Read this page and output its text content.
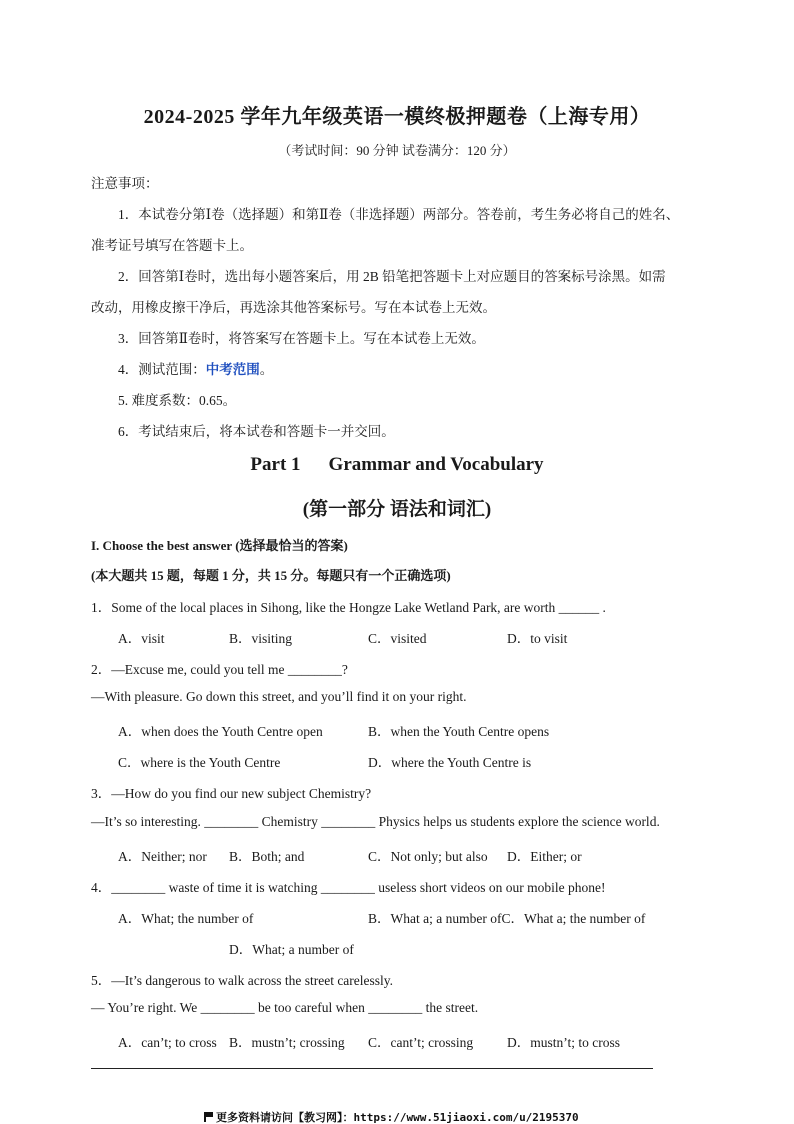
2024-2025 学年九年级英语一模终极押题卷（上海专用）
（考试时间：90 分钟 试卷满分：120 分）
注意事项：
1．本试卷分第Ⅰ卷（选择题）和第Ⅱ卷（非选择题）两部分。答卷前，考生务必将自己的姓名、
准考证号填写在答题卡上。
2．回答第Ⅰ卷时，选出每小题答案后，用 2B 铅笔把答题卡上对应题目的答案标号涂黑。如需
改动，用橡皮擦干净后，再选涂其他答案标号。写在本试卷上无效。
3．回答第Ⅱ卷时，将答案写在答题卡上。写在本试卷上无效。
4．测试范围：中考范围。
5. 难度系数：0.65。
6．考试结束后，将本试卷和答题卡一并交回。
Part 1 Grammar and Vocabulary
(第一部分 语法和词汇)
I. Choose the best answer (选择最恰当的答案)
(本大题共 15 题，每题 1 分，共 15 分。每题只有一个正确选项)
1．Some of the local places in Sihong, like the Hongze Lake Wetland Park, are worth ______ .
A．visit	B．visiting	C．visited	D．to visit
2．—Excuse me, could you tell me ________?
—With pleasure. Go down this street, and you’ll find it on your right.
A．when does the Youth Centre open	B．when the Youth Centre opens
C．where is the Youth Centre	D．where the Youth Centre is
3．—How do you find our new subject Chemistry?
—It’s so interesting. ________ Chemistry ________ Physics helps us students explore the science world.
A．Neither; nor B．Both; and	C．Not only; but also D．Either; or
4．________ waste of time it is watching ________ useless short videos on our mobile phone!
A．What; the number of	B．What a; a number ofC．What a; the number of
D．What; a number of
5．—It’s dangerous to walk across the street carelessly.
— You’re right. We ________ be too careful when ________ the street.
A．can’t; to cross B．mustn’t; crossing C．cant’t; crossing	D．mustn’t; to cross
更多资料请访问【教习网】：https://www.51jiaoxi.com/u/2195370
